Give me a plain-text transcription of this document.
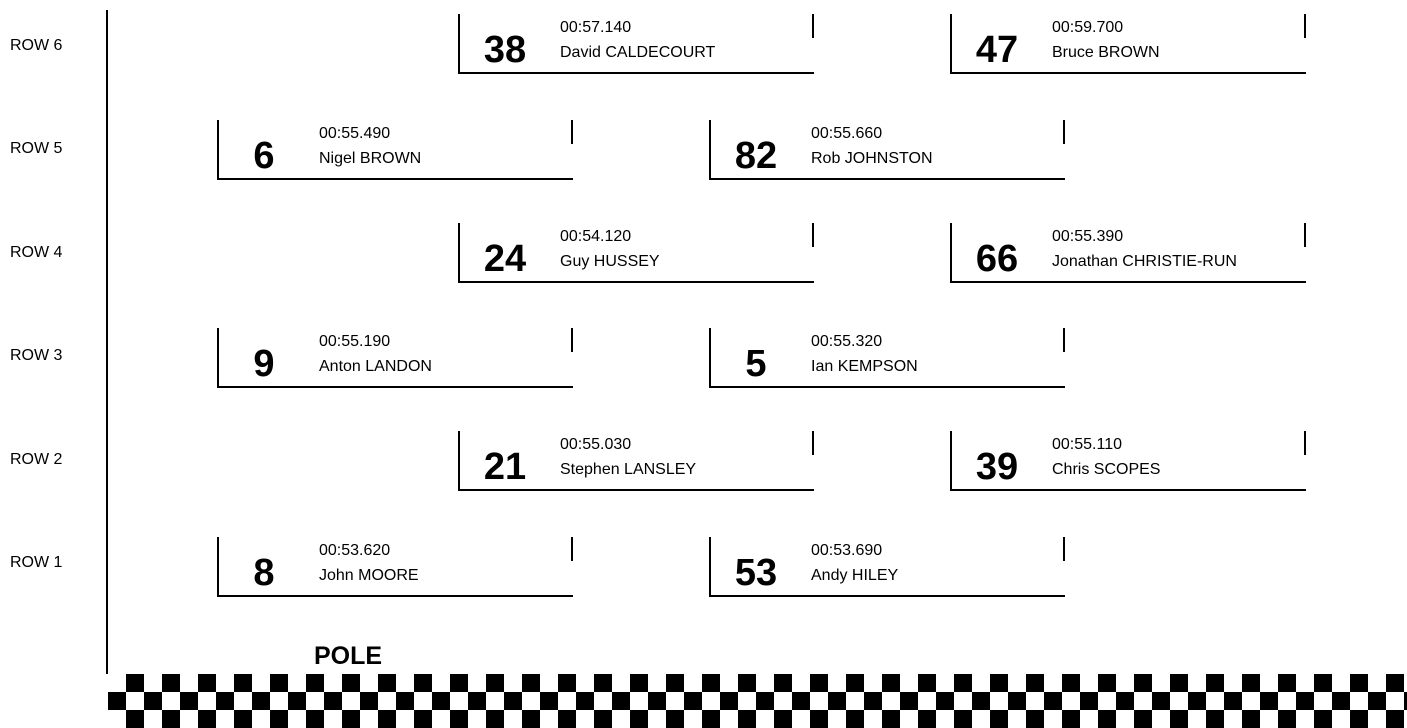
ROW 6
ROW 5
ROW 4
ROW 3
ROW 2
ROW 1
38
00:57.140
David CALDECOURT	47
00:59.700
Bruce BROWN
6
00:55.490
Nigel BROWN	82
00:55.660
Rob JOHNSTON
24
00:54.120
Guy HUSSEY	66
00:55.390
Jonathan CHRISTIE-RUN
9
00:55.190
Anton LANDON	5
00:55.320
Ian KEMPSON
21
00:55.030
Stephen LANSLEY	39
00:55.110
Chris SCOPES
8
00:53.620
John MOORE	53
00:53.690
Andy HILEY
POLE
